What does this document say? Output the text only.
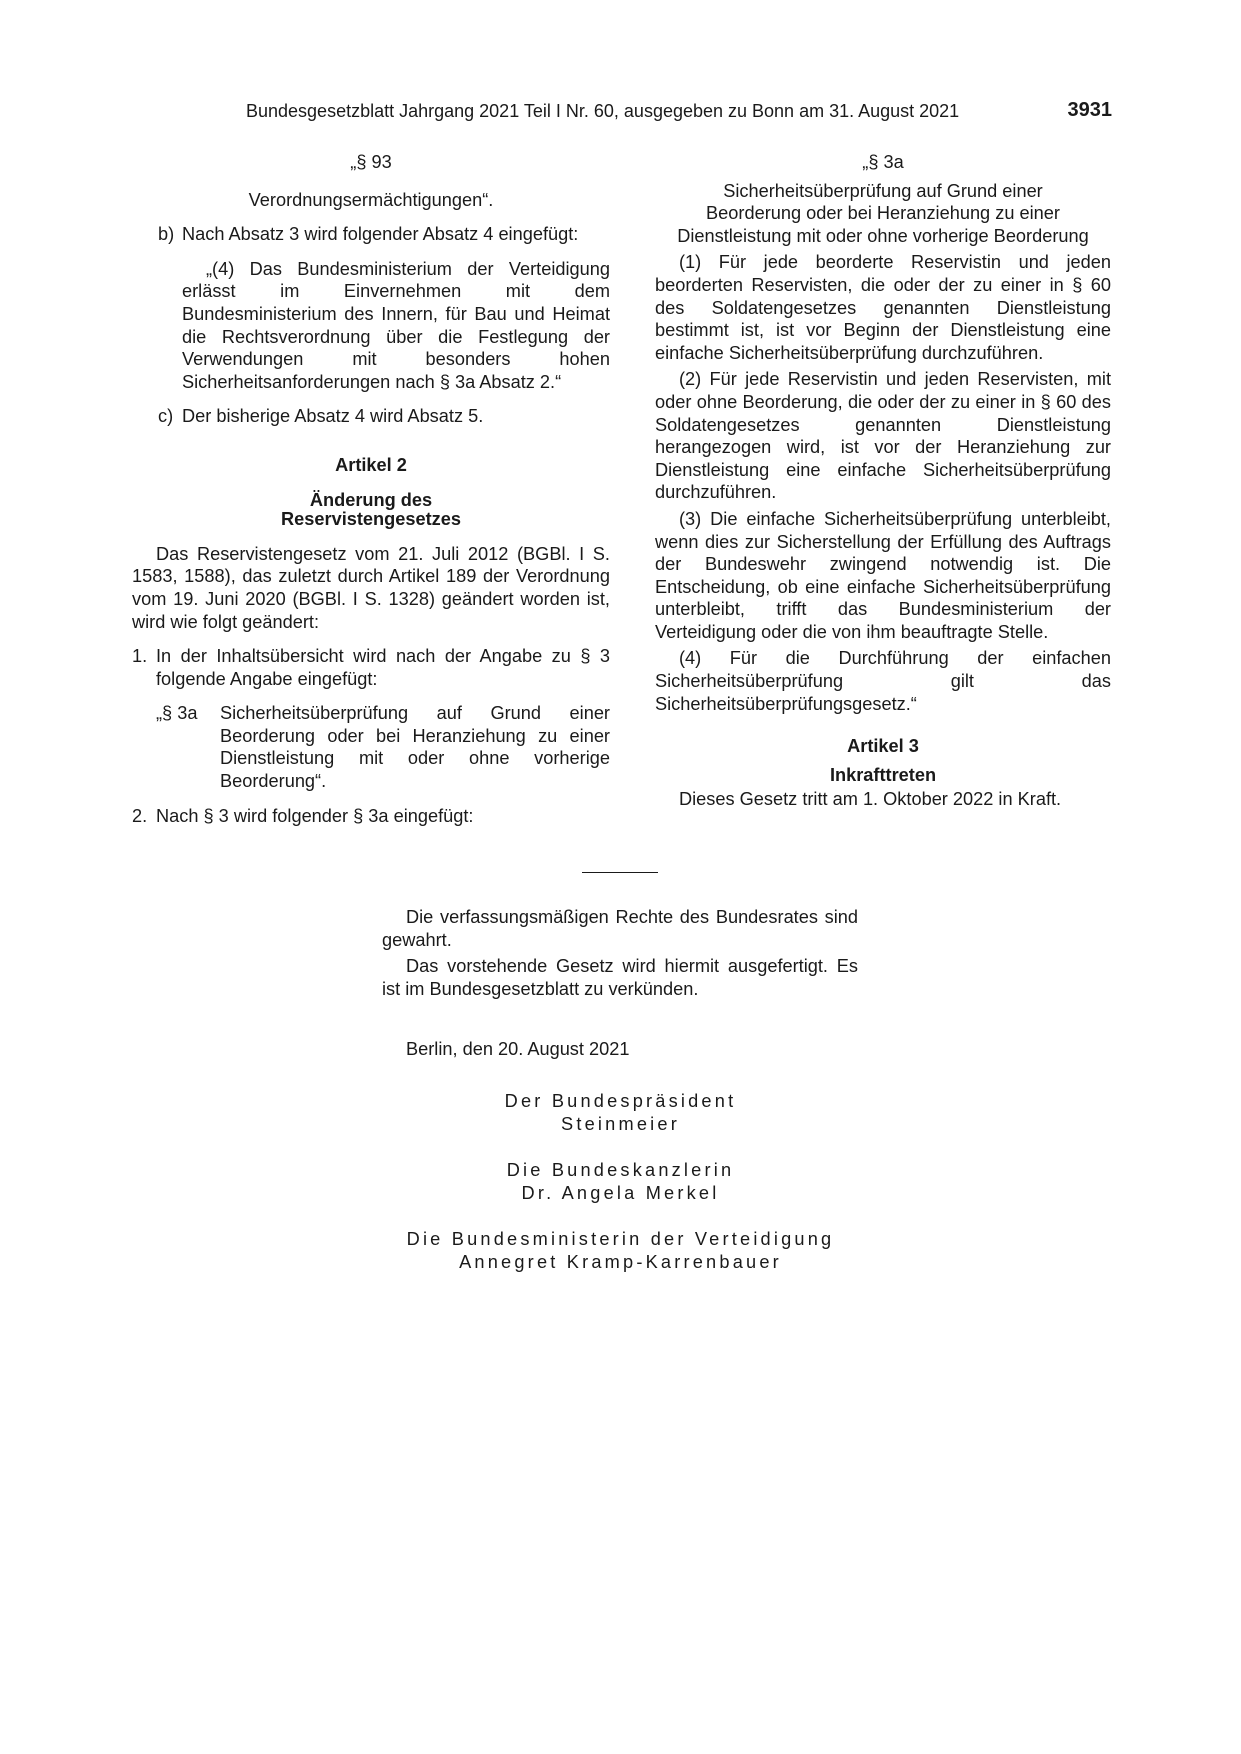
Bundesgesetzblatt Jahrgang 2021 Teil I Nr. 60, ausgegeben zu Bonn am 31. August 2021	3931

„§ 93

Verordnungsermächtigungen“.

b) Nach Absatz 3 wird folgender Absatz 4 eingefügt:

„(4) Das Bundesministerium der Verteidigung erlässt im Einvernehmen mit dem Bundesministerium des Innern, für Bau und Heimat die Rechtsverordnung über die Festlegung der Verwendungen mit besonders hohen Sicherheitsanforderungen nach § 3a Absatz 2.“

c) Der bisherige Absatz 4 wird Absatz 5.

Artikel 2

Änderung des

Reservistengesetzes

Das Reservistengesetz vom 21. Juli 2012 (BGBl. I S. 1583, 1588), das zuletzt durch Artikel 189 der Verordnung vom 19. Juni 2020 (BGBl. I S. 1328) geändert worden ist, wird wie folgt geändert:

1. In der Inhaltsübersicht wird nach der Angabe zu § 3 folgende Angabe eingefügt:
„§ 3a	Sicherheitsüberprüfung auf Grund einer Beorderung oder bei Heranziehung zu einer Dienstleistung mit oder ohne vorherige Beorderung“.
2. Nach § 3 wird folgender § 3a eingefügt:

„§ 3a

Sicherheitsüberprüfung auf Grund einer

Beorderung oder bei Heranziehung zu einer

Dienstleistung mit oder ohne vorherige Beorderung

(1) Für jede beorderte Reservistin und jeden beorderten Reservisten, die oder der zu einer in § 60 des Soldatengesetzes genannten Dienstleistung bestimmt ist, ist vor Beginn der Dienstleistung eine einfache Sicherheitsüberprüfung durchzuführen.

(2) Für jede Reservistin und jeden Reservisten, mit oder ohne Beorderung, die oder der zu einer in § 60 des Soldatengesetzes genannten Dienstleistung herangezogen wird, ist vor der Heranziehung zur Dienstleistung eine einfache Sicherheitsüberprüfung durchzuführen.

(3) Die einfache Sicherheitsüberprüfung unterbleibt, wenn dies zur Sicherstellung der Erfüllung des Auftrags der Bundeswehr zwingend notwendig ist. Die Entscheidung, ob eine einfache Sicherheitsüberprüfung unterbleibt, trifft das Bundesministerium der Verteidigung oder die von ihm beauftragte Stelle.

(4) Für die Durchführung der einfachen Sicherheitsüberprüfung gilt das Sicherheitsüberprüfungsgesetz.“

Artikel 3

Inkrafttreten

Dieses Gesetz tritt am 1. Oktober 2022 in Kraft.

Die verfassungsmäßigen Rechte des Bundesrates sind gewahrt.

Das vorstehende Gesetz wird hiermit ausgefertigt. Es ist im Bundesgesetzblatt zu verkünden.

Berlin, den 20. August 2021

Der Bundespräsident
Steinmeier
Die Bundeskanzlerin
Dr. Angela Merkel
Die Bundesministerin der Verteidigung
Annegret Kramp-Karrenbauer
